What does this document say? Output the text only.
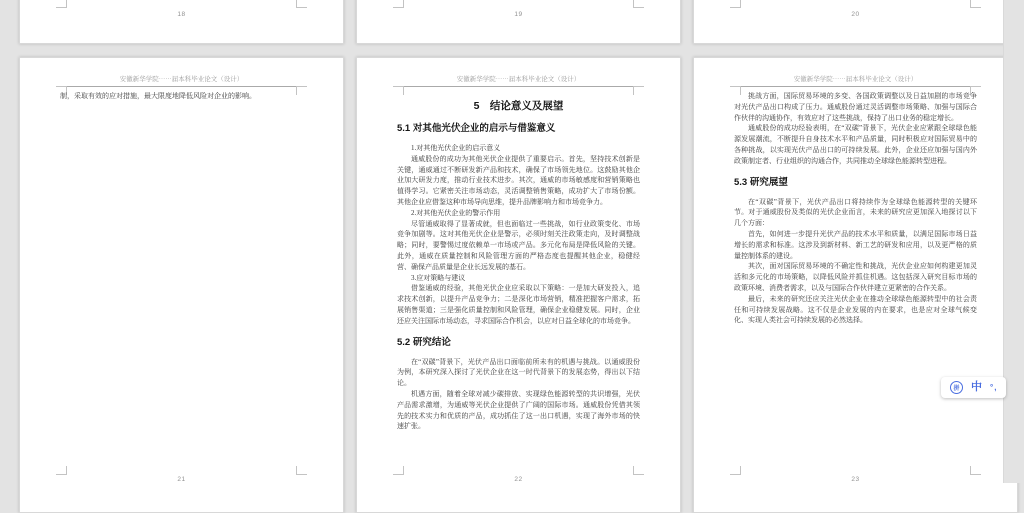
18
安徽新华学院⋯⋯届本科毕业论文（设计）
制，采取有效的应对措施，最大限度地降低风险对企业的影响。
21
19
安徽新华学院⋯⋯届本科毕业论文（设计）
5　结论意义及展望
5.1 对其他光伏企业的启示与借鉴意义
1.对其他光伏企业的启示意义
通威股份的成功为其他光伏企业提供了重要启示。首先，坚持技术创新是关键，通威通过不断研发新产品和技术，确保了市场领先地位。这鼓励其他企业加大研发力度，推动行业技术进步。其次，通威的市场敏感度和营销策略也值得学习。它紧密关注市场动态，灵活调整销售策略，成功扩大了市场份额。其他企业应借鉴这种市场导向思维，提升品牌影响力和市场竞争力。
2.对其他光伏企业的警示作用
尽管通威取得了显著成就，但也面临过一些挑战，如行业政策变化、市场竞争加剧等。这对其他光伏企业是警示，必须时刻关注政策走向，及时调整战略；同时，要警惕过度依赖单一市场或产品。多元化布局是降低风险的关键。此外，通威在质量控制和风险管理方面的严格态度也提醒其他企业，稳健经营、确保产品质量是企业长远发展的基石。
3.应对策略与建议
借鉴通威的经验，其他光伏企业应采取以下策略：一是加大研发投入，追求技术创新，以提升产品竞争力；二是深化市场营销，精准把握客户需求，拓展销售渠道；三是强化质量控制和风险管理，确保企业稳健发展。同时，企业还应关注国际市场动态，寻求国际合作机会，以应对日益全球化的市场竞争。
5.2 研究结论
在“双碳”背景下，光伏产品出口面临前所未有的机遇与挑战。以通威股份为例，本研究深入探讨了光伏企业在这一时代背景下的发展态势，得出以下结论。
机遇方面，随着全球对减少碳排放、实现绿色能源转型的共识增强，光伏产品需求激增，为通威等光伏企业提供了广阔的国际市场。通威股份凭借其领先的技术实力和优质的产品，成功抓住了这一出口机遇，实现了海外市场的快速扩张。
22
20
安徽新华学院⋯⋯届本科毕业论文（设计）
挑战方面，国际贸易环境的多变、各国政策调整以及日益加剧的市场竞争对光伏产品出口构成了压力。通威股份通过灵活调整市场策略、加强与国际合作伙伴的沟通协作，有效应对了这些挑战，保持了出口业务的稳定增长。
通威股份的成功经验表明，在“双碳”背景下，光伏企业应紧跟全球绿色能源发展潮流，不断提升自身技术水平和产品质量，同时积极应对国际贸易中的各种挑战，以实现光伏产品出口的可持续发展。此外，企业还应加强与国内外政策制定者、行业组织的沟通合作，共同推动全球绿色能源转型进程。
5.3 研究展望
在“双碳”背景下，光伏产品出口将持续作为全球绿色能源转型的关键环节。对于通威股份及类似的光伏企业而言，未来的研究应更加深入地探讨以下几个方面：
首先，如何进一步提升光伏产品的技术水平和质量，以满足国际市场日益增长的需求和标准。这涉及到新材料、新工艺的研发和应用，以及更严格的质量控制体系的建设。
其次，面对国际贸易环境的不确定性和挑战，光伏企业应如何构建更加灵活和多元化的市场策略，以降低风险并抓住机遇。这包括深入研究目标市场的政策环境、消费者需求，以及与国际合作伙伴建立更紧密的合作关系。
最后，未来的研究还应关注光伏企业在推动全球绿色能源转型中的社会责任和可持续发展战略。这不仅是企业发展的内在要求，也是应对全球气候变化、实现人类社会可持续发展的必然选择。
23
拼	中 °,
